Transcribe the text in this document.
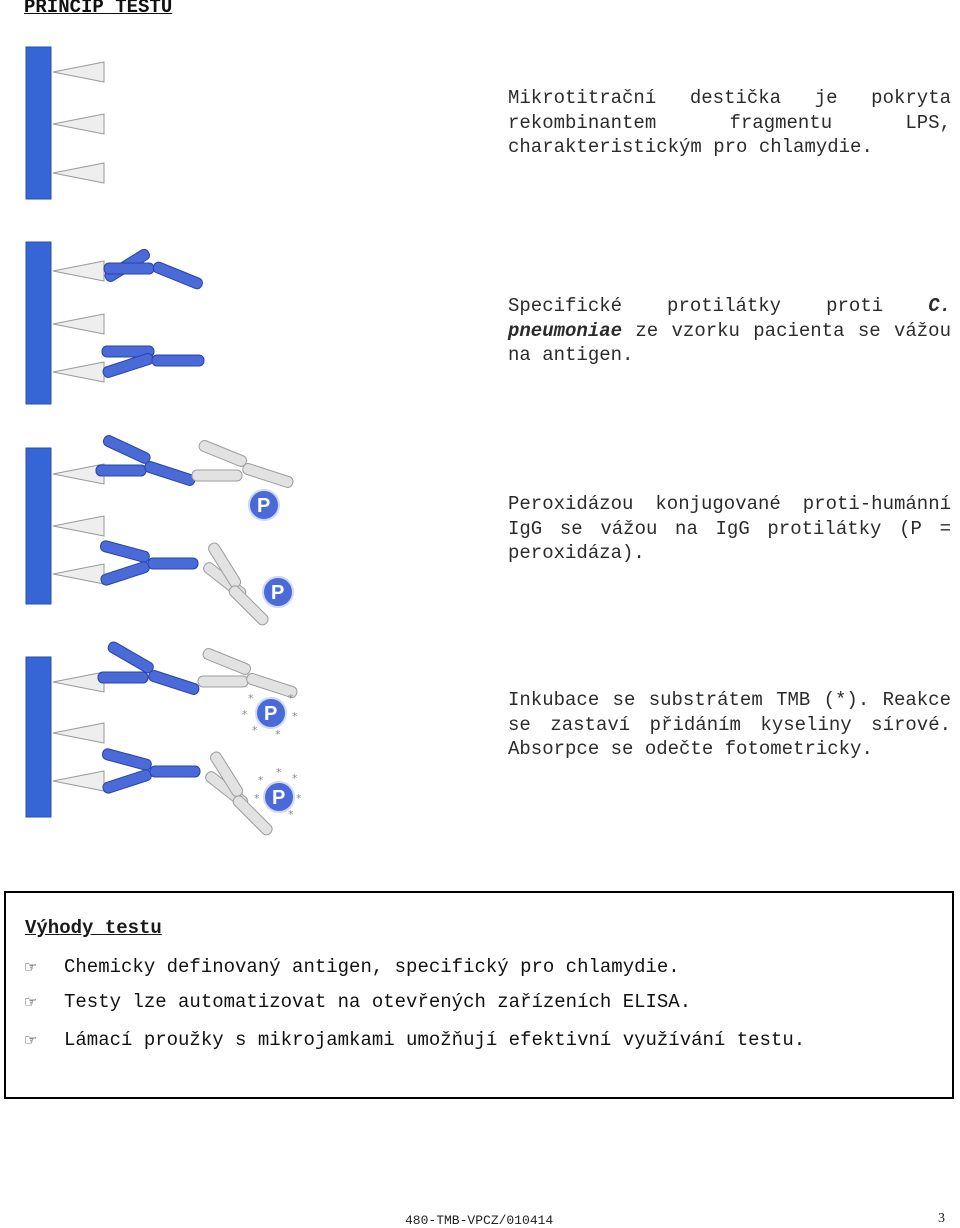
PRINCIP TESTU

Mikrotitrační destička je pokryta rekombinantem fragmentu LPS, charakteristickým pro chlamydie.

Specifické protilátky proti C. pneumoniae ze vzorku pacienta se vážou na antigen.

P
P

Peroxidázou konjugované proti-humánní IgG se vážou na IgG protilátky (P = peroxidáza).

P
*	*
*	*
* *
P
*
* *
*	*
*

Inkubace se substrátem TMB (*). Reakce se zastaví přidáním kyseliny sírové. Absorpce se odečte fotometricky.

Výhody testu
☞ Chemicky definovaný antigen, specifický pro chlamydie.
☞ Testy lze automatizovat na otevřených zařízeních ELISA.
☞ Lámací proužky s mikrojamkami umožňují efektivní využívání testu.
480-TMB-VPCZ/010414	3
